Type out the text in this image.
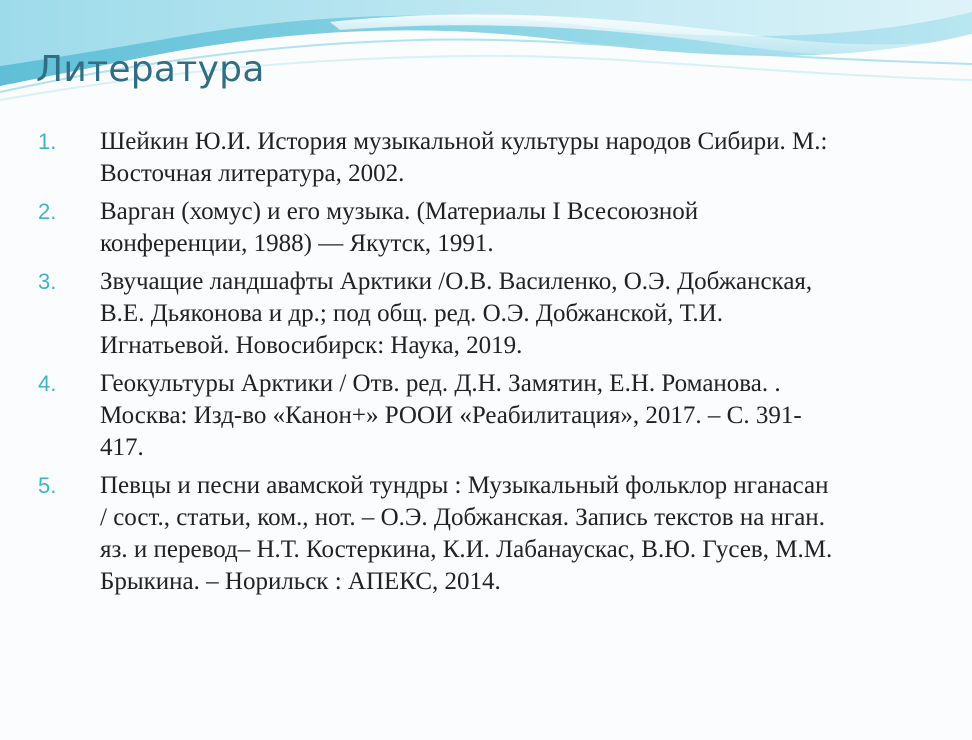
Литература
1. Шейкин Ю.И. История музыкальной культуры народов Сибири. М.:
Восточная литература, 2002.
2. Варган (хомус) и его музыка. (Материалы I Всесоюзной
конференции, 1988) — Якутск, 1991.
3. Звучащие ландшафты Арктики /О.В. Василенко, О.Э. Добжанская,
В.Е. Дьяконова и др.; под общ. ред. О.Э. Добжанской, Т.И.
Игнатьевой. Новосибирск: Наука, 2019.
4. Геокультуры Арктики / Отв. ред. Д.Н. Замятин, Е.Н. Романова. .
Москва: Изд-во «Канон+» РООИ «Реабилитация», 2017. – С. 391-
417.
5. Певцы и песни авамской тундры : Музыкальный фольклор нганасан
/ сост., статьи, ком., нот. – О.Э. Добжанская. Запись текстов на нган.
яз. и перевод– Н.Т. Костеркина, К.И. Лабанаускас, В.Ю. Гусев, М.М.
Брыкина. – Норильск : АПЕКС, 2014.
